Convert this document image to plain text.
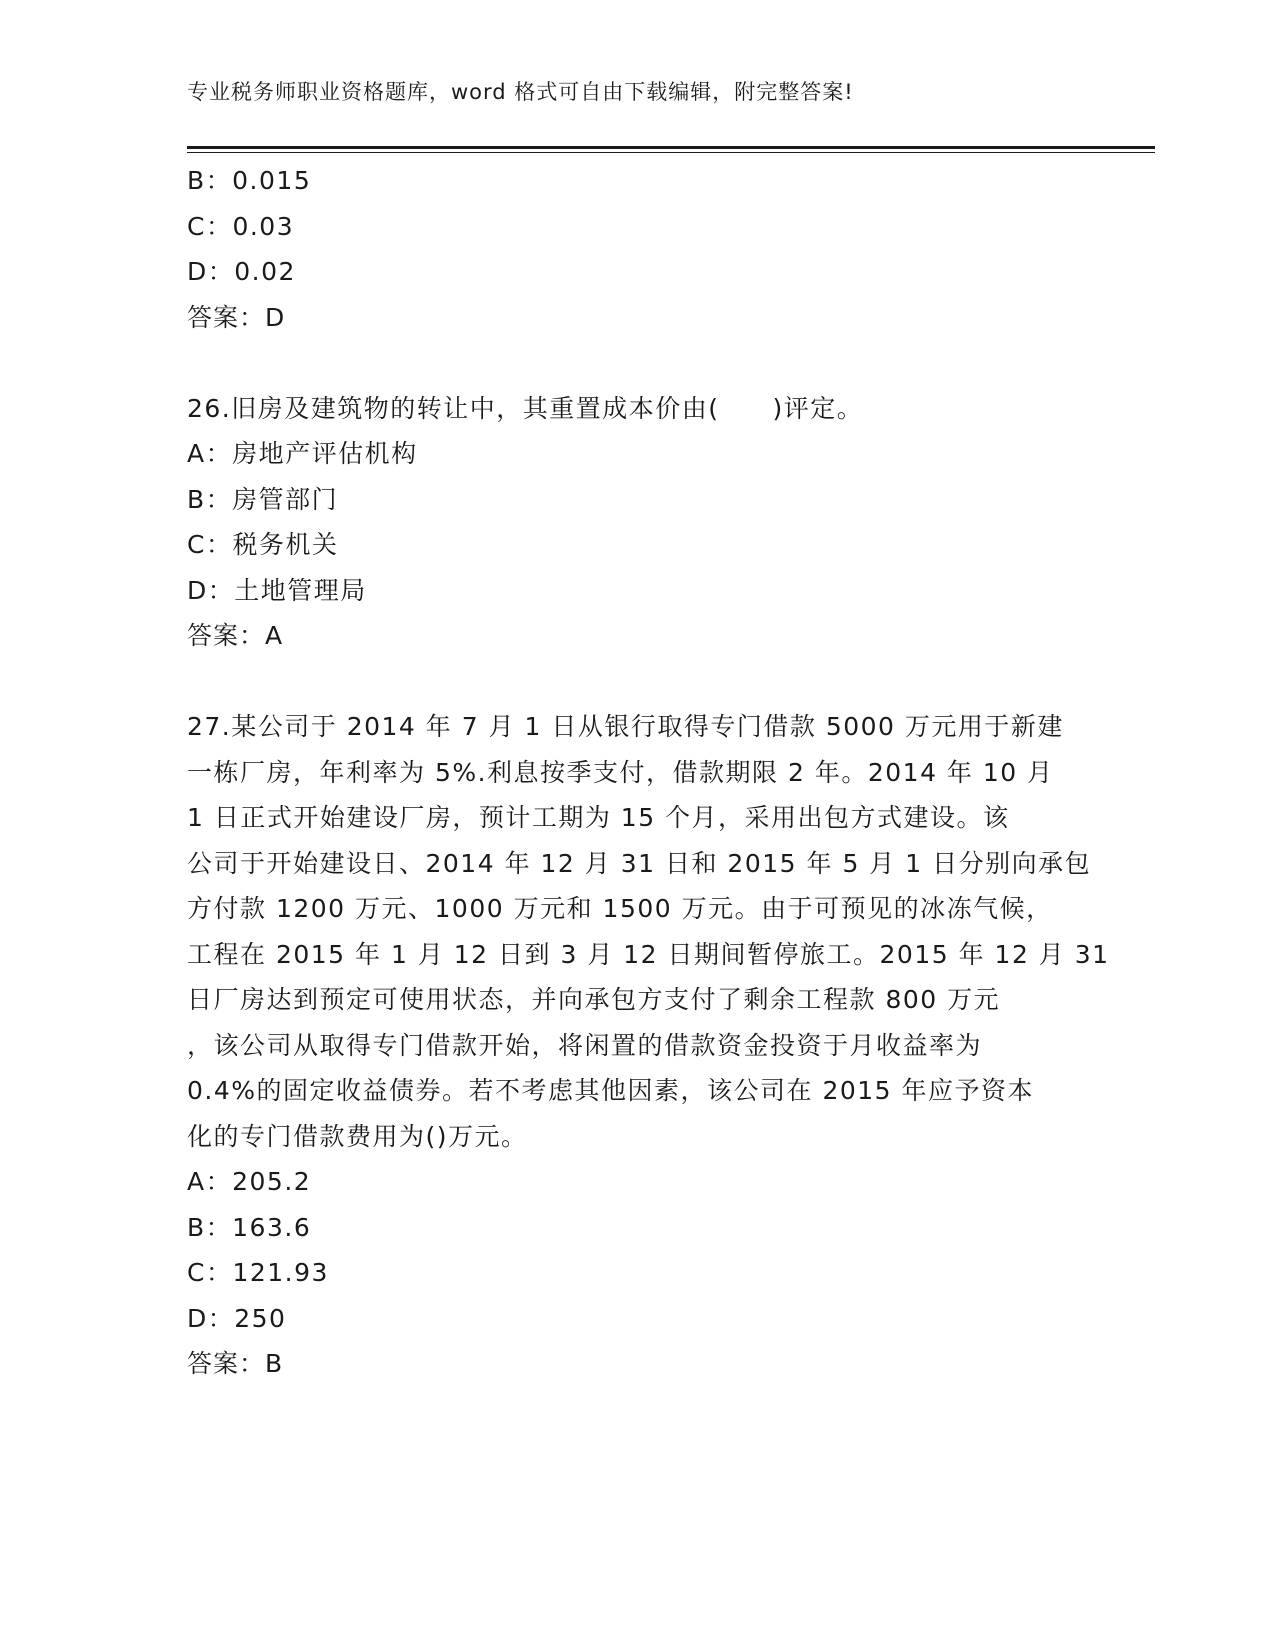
专业税务师职业资格题库，word 格式可自由下载编辑，附完整答案!
B：0.015
C：0.03
D：0.02
答案：D
26.旧房及建筑物的转让中，其重置成本价由(　　)评定。
A：房地产评估机构
B：房管部门
C：税务机关
D：土地管理局
答案：A
27.某公司于 2014 年 7 月 1 日从银行取得专门借款 5000 万元用于新建
一栋厂房，年利率为 5%.利息按季支付，借款期限 2 年。2014 年 10 月
1 日正式开始建设厂房，预计工期为 15 个月，采用出包方式建设。该
公司于开始建设日、2014 年 12 月 31 日和 2015 年 5 月 1 日分别向承包
方付款 1200 万元、1000 万元和 1500 万元。由于可预见的冰冻气候，
工程在 2015 年 1 月 12 日到 3 月 12 日期间暂停旅工。2015 年 12 月 31
日厂房达到预定可使用状态，并向承包方支付了剩余工程款 800 万元
，该公司从取得专门借款开始，将闲置的借款资金投资于月收益率为
0.4%的固定收益债券。若不考虑其他因素，该公司在 2015 年应予资本
化的专门借款费用为()万元。
A：205.2
B：163.6
C：121.93
D：250
答案：B
